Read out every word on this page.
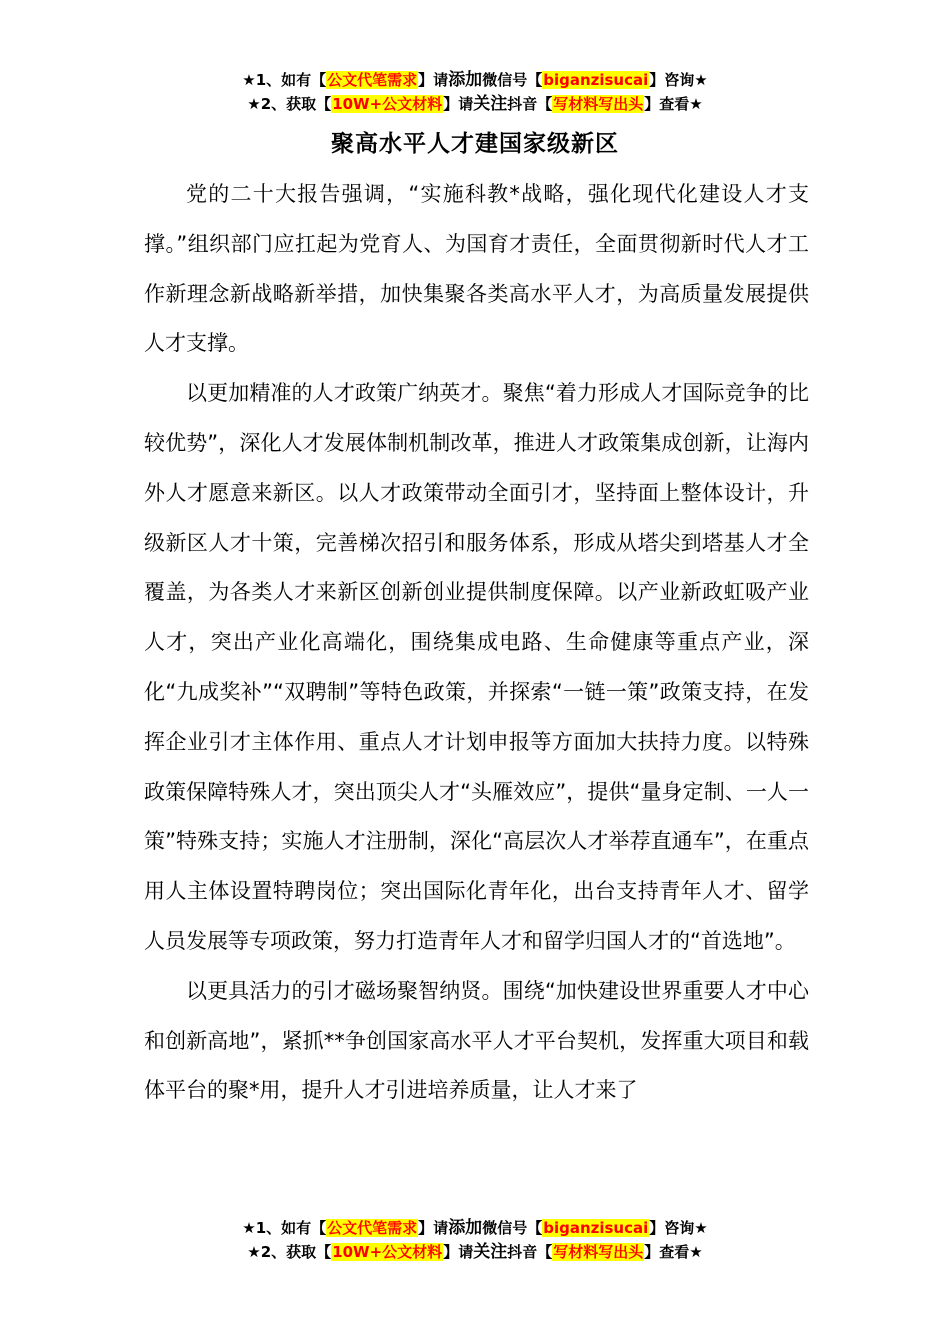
★1、如有【公文代笔需求】请添加微信号【biganzisucai】咨询★
★2、获取【10W+公文材料】请关注抖音【写材料写出头】查看★
聚高水平人才建国家级新区

党的二十大报告强调，“实施科教*战略，强化现代化建设人才支撑。”组织部门应扛起为党育人、为国育才责任，全面贯彻新时代人才工作新理念新战略新举措，加快集聚各类高水平人才，为高质量发展提供人才支撑。

以更加精准的人才政策广纳英才。聚焦“着力形成人才国际竞争的比较优势”，深化人才发展体制机制改革，推进人才政策集成创新，让海内外人才愿意来新区。以人才政策带动全面引才，坚持面上整体设计，升级新区人才十策，完善梯次招引和服务体系，形成从塔尖到塔基人才全覆盖，为各类人才来新区创新创业提供制度保障。以产业新政虹吸产业人才，突出产业化高端化，围绕集成电路、生命健康等重点产业，深化“九成奖补”“双聘制”等特色政策，并探索“一链一策”政策支持，在发挥企业引才主体作用、重点人才计划申报等方面加大扶持力度。以特殊政策保障特殊人才，突出顶尖人才“头雁效应”，提供“量身定制、一人一策”特殊支持；实施人才注册制，深化“高层次人才举荐直通车”，在重点用人主体设置特聘岗位；突出国际化青年化，出台支持青年人才、留学人员发展等专项政策，努力打造青年人才和留学归国人才的“首选地”。

以更具活力的引才磁场聚智纳贤。围绕“加快建设世界重要人才中心和创新高地”，紧抓**争创国家高水平人才平台契机，发挥重大项目和载体平台的聚*用，提升人才引进培养质量，让人才来了

★1、如有【公文代笔需求】请添加微信号【biganzisucai】咨询★
★2、获取【10W+公文材料】请关注抖音【写材料写出头】查看★
